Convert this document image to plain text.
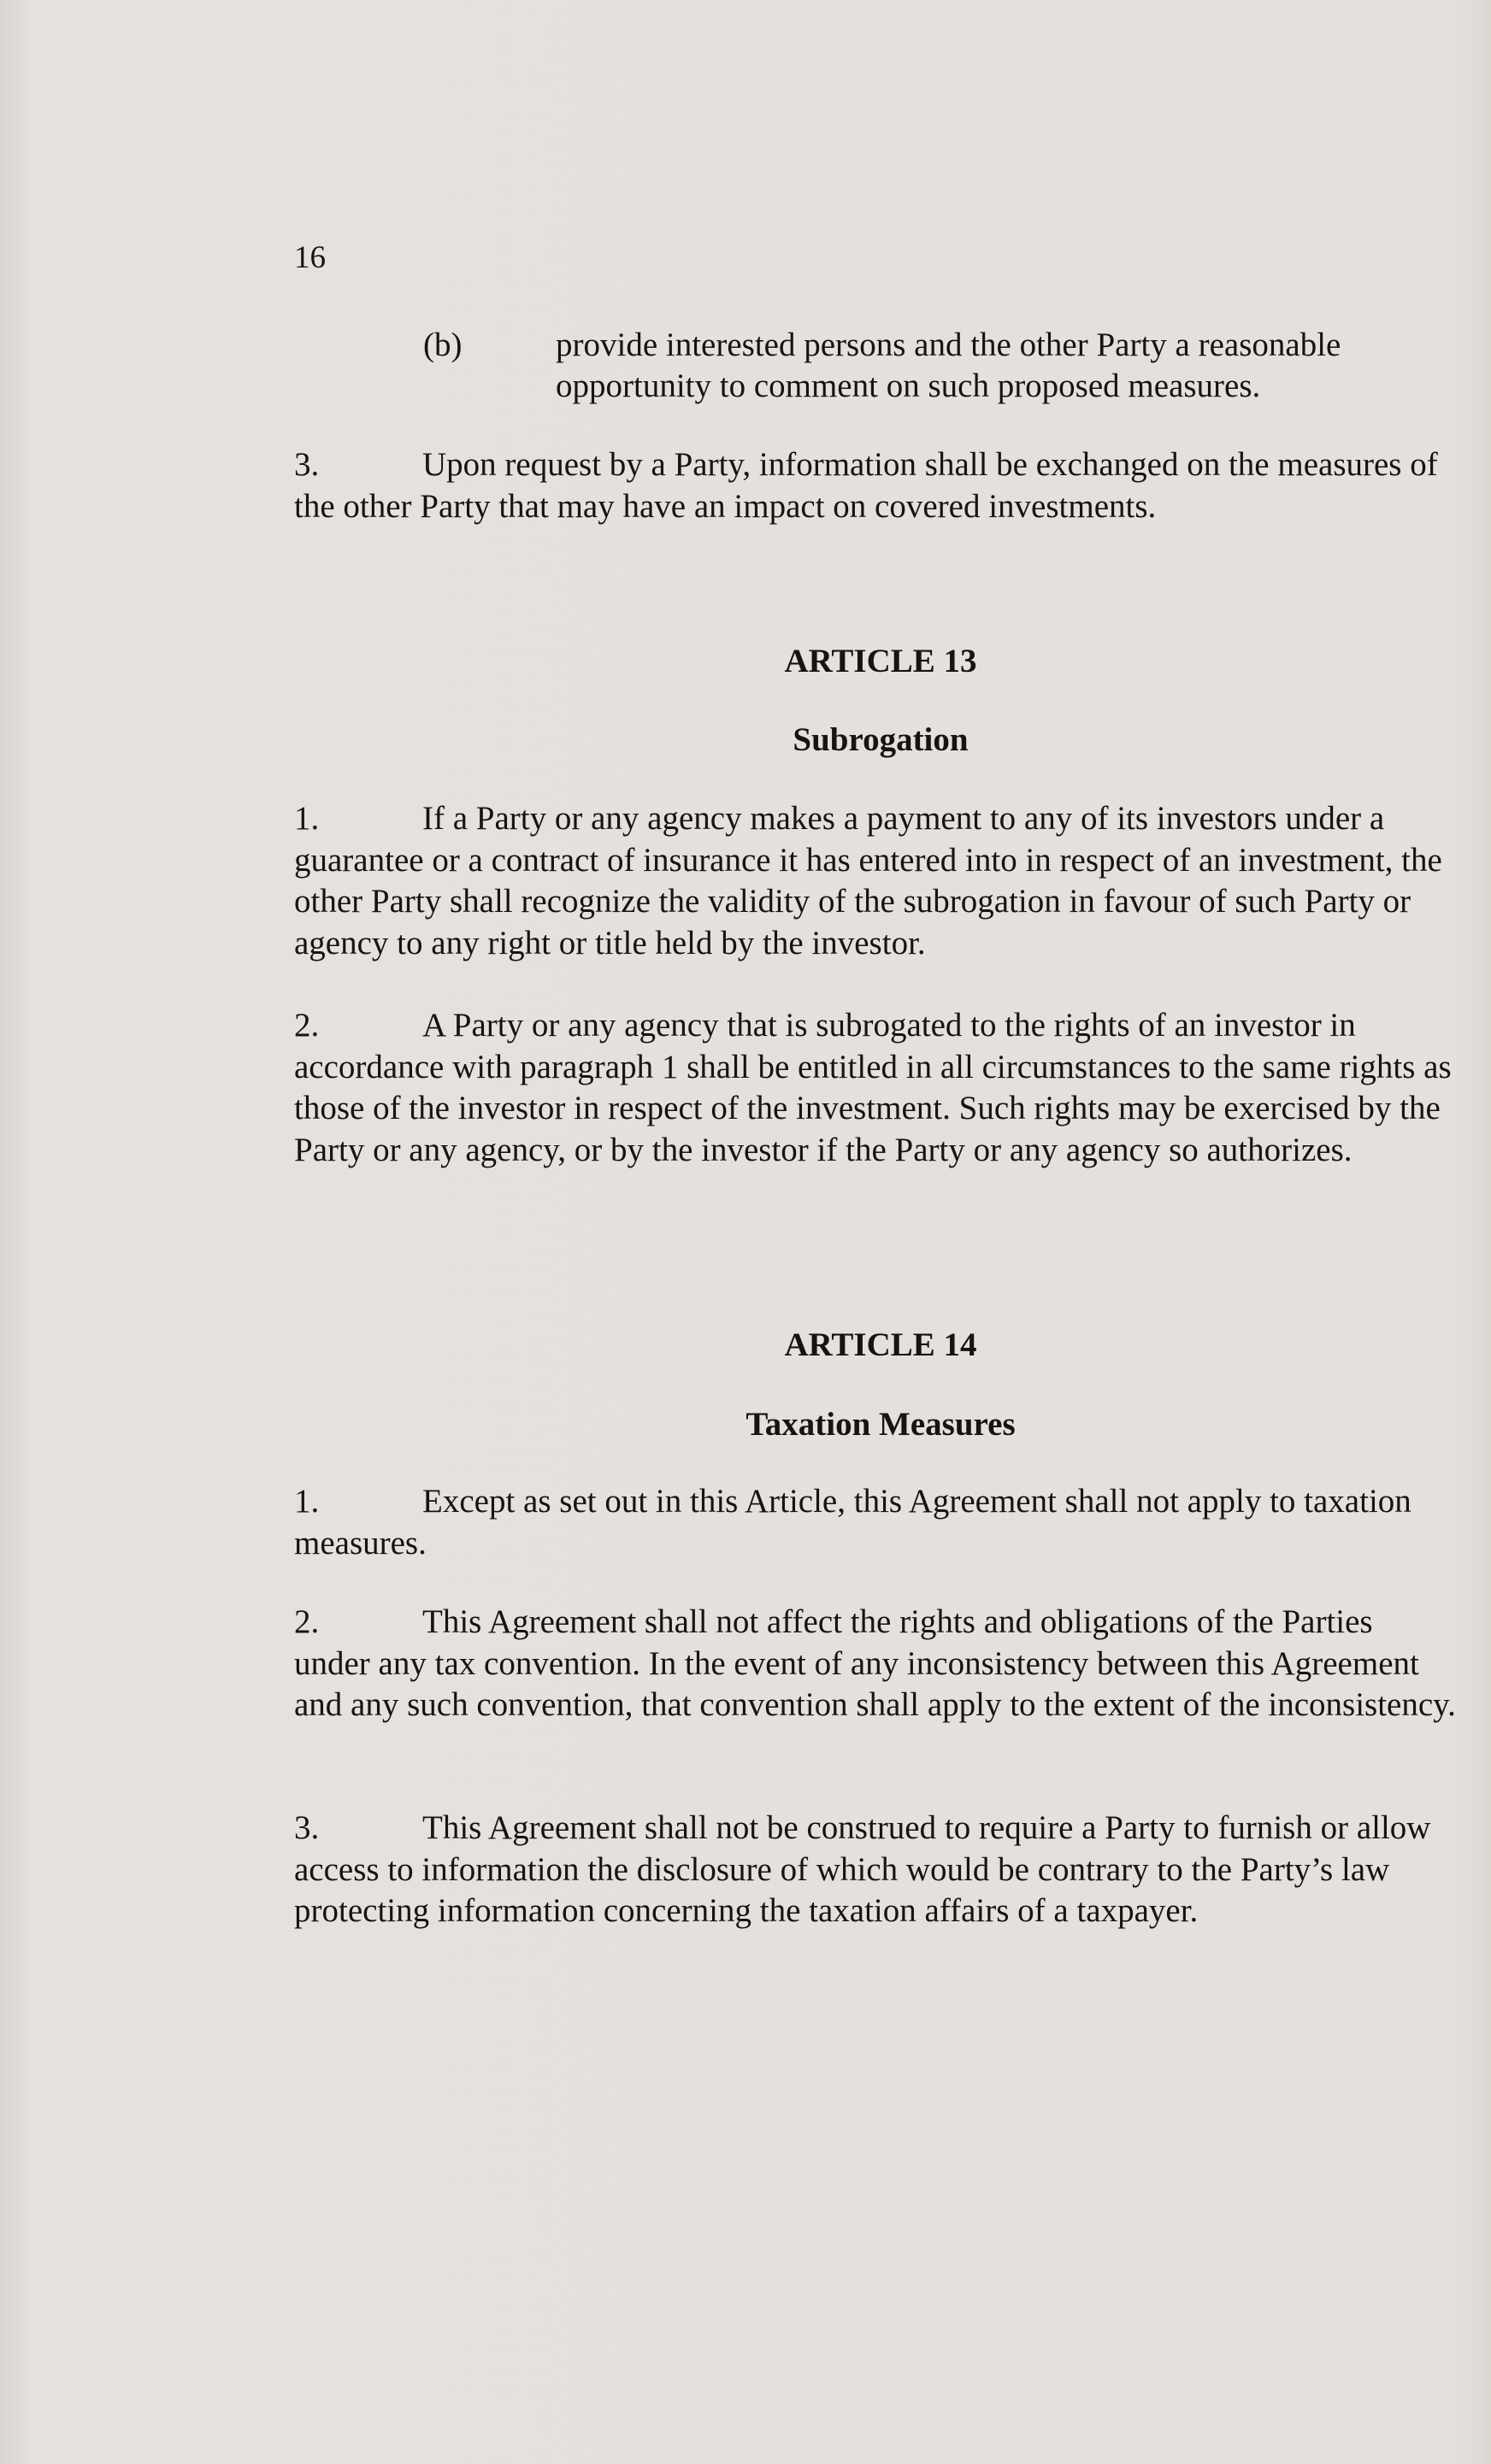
16
(b)	provide interested persons and the other Party a reasonable opportunity to comment on such proposed measures.
3.	Upon request by a Party, information shall be exchanged on the measures of the other Party that may have an impact on covered investments.
ARTICLE 13
Subrogation
1.	If a Party or any agency makes a payment to any of its investors under a guarantee or a contract of insurance it has entered into in respect of an investment, the other Party shall recognize the validity of the subrogation in favour of such Party or agency to any right or title held by the investor.
2.	A Party or any agency that is subrogated to the rights of an investor in accordance with paragraph 1 shall be entitled in all circumstances to the same rights as those of the investor in respect of the investment. Such rights may be exercised by the Party or any agency, or by the investor if the Party or any agency so authorizes.
ARTICLE 14
Taxation Measures
1.	Except as set out in this Article, this Agreement shall not apply to taxation measures.
2.	This Agreement shall not affect the rights and obligations of the Parties under any tax convention. In the event of any inconsistency between this Agreement and any such convention, that convention shall apply to the extent of the inconsistency.
3.	This Agreement shall not be construed to require a Party to furnish or allow access to information the disclosure of which would be contrary to the Party’s law protecting information concerning the taxation affairs of a taxpayer.
